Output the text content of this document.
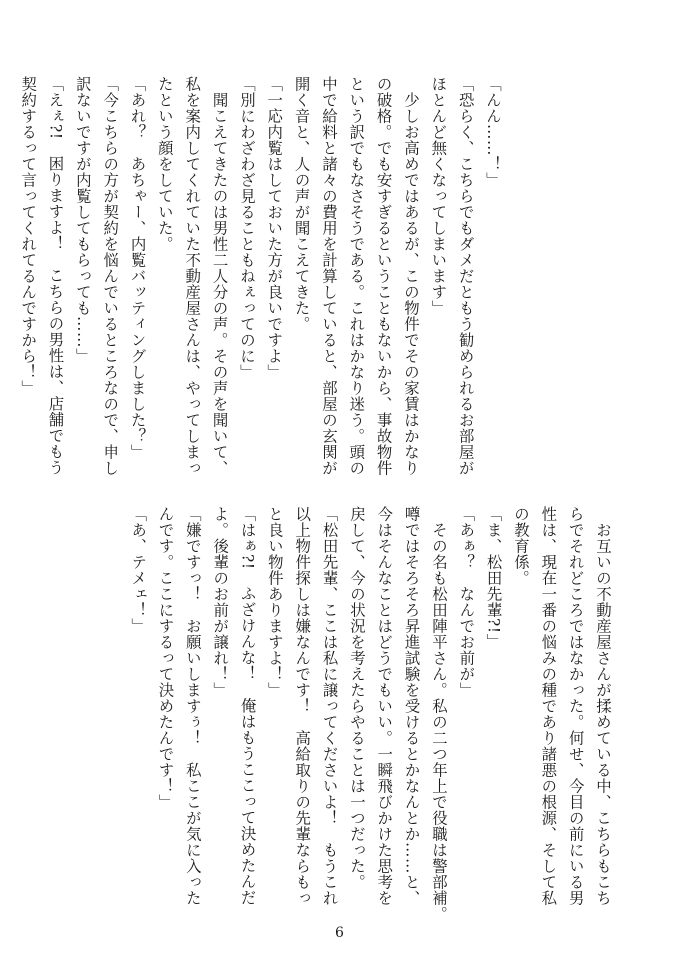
「んん……！」
「恐らく、こちらでもダメだともう勧められるお部屋が
ほとんど無くなってしまいます」
　少しお高めではあるが、この物件でその家賃はかなり
の破格。でも安すぎるということもないから、事故物件
という訳でもなさそうである。これはかなり迷う。頭の
中で給料と諸々の費用を計算していると、部屋の玄関が
開く音と、人の声が聞こえてきた。
「一応内覧はしておいた方が良いですよ」
「別にわざわざ見ることもねぇってのに」
　聞こえてきたのは男性二人分の声。その声を聞いて、
私を案内してくれていた不動産屋さんは、やってしまっ
たという顔をしていた。
「あれ？　あちゃー、内覧バッティングしました？」
「今こちらの方が契約を悩んでいるところなので、申し
訳ないですが内覧してもらっても……」
「えぇ?!　困りますよ！　こちらの男性は、店舗でもう
契約するって言ってくれてるんですから！」
　お互いの不動産屋さんが揉めている中、こちらもこち
らでそれどころではなかった。何せ、今目の前にいる男
性は、現在一番の悩みの種であり諸悪の根源、そして私
の教育係。
「ま、松田先輩?!」
「あぁ？　なんでお前が」
　その名も松田陣平さん。私の二つ年上で役職は警部補。
噂ではそろそろ昇進試験を受けるとかなんとか……と、
今はそんなことはどうでもいい。一瞬飛びかけた思考を
戻して、今の状況を考えたらやることは一つだった。
「松田先輩、ここは私に譲ってくださいよ！　もうこれ
以上物件探しは嫌なんです！　高給取りの先輩ならもっ
と良い物件ありますよ！」
「はぁ?!　ふざけんな！　俺はもうここって決めたんだ
よ。後輩のお前が譲れ！」
「嫌ですっ！　お願いしますぅ！　私ここが気に入った
んです。ここにするって決めたんです！」
「あ、テメェ！」
6
